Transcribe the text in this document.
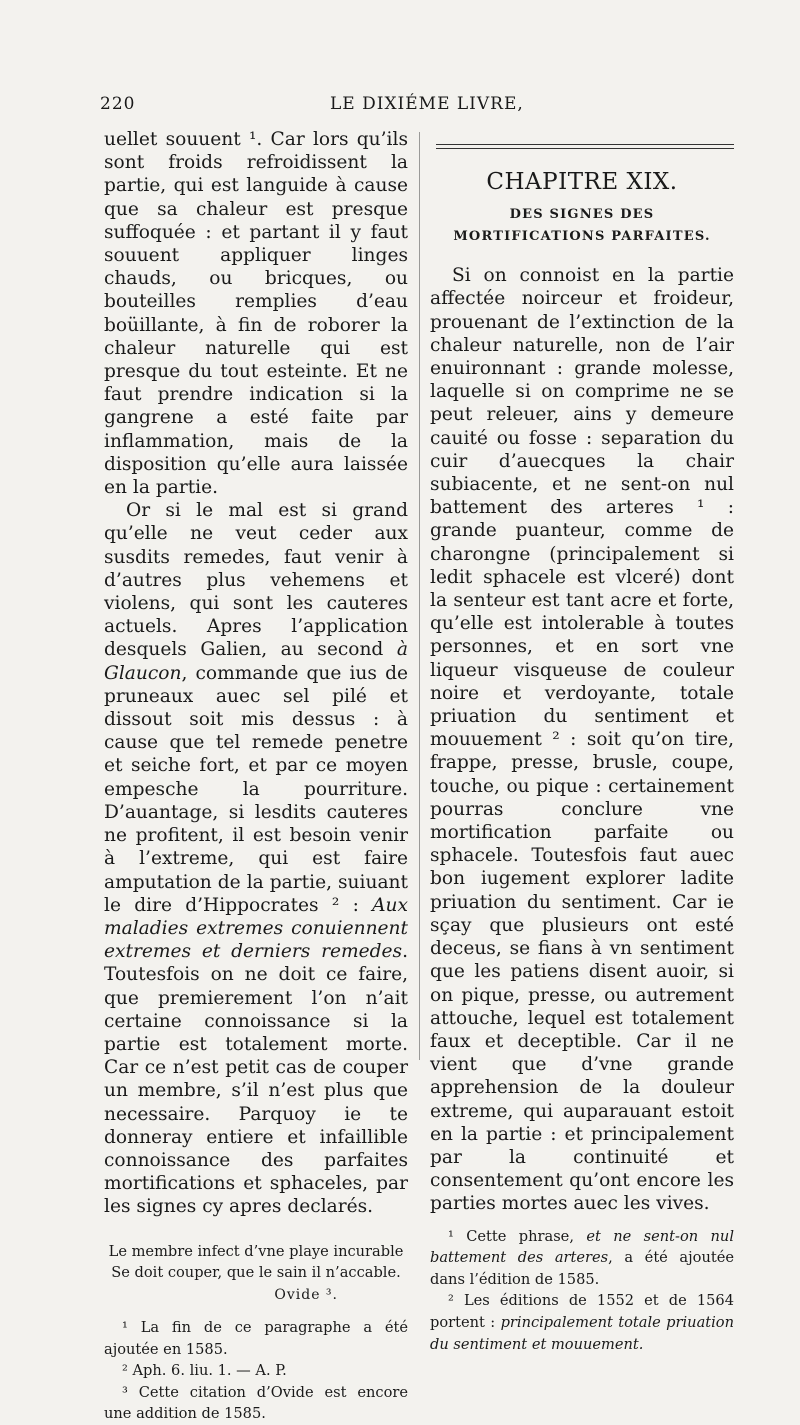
220	LE DIXIÉME LIVRE,

uellet souuent ¹. Car lors qu’ils sont froids refroidissent la partie, qui est languide à cause que sa chaleur est presque suffoquée : et partant il y faut souuent appliquer linges chauds, ou bricques, ou bouteilles remplies d’eau boüillante, à fin de roborer la chaleur naturelle qui est presque du tout esteinte. Et ne faut prendre indication si la gangrene a esté faite par inflammation, mais de la disposition qu’elle aura laissée en la partie.

Or si le mal est si grand qu’elle ne veut ceder aux susdits remedes, faut venir à d’autres plus vehemens et violens, qui sont les cauteres actuels. Apres l’application desquels Galien, au second à Glaucon, commande que ius de pruneaux auec sel pilé et dissout soit mis dessus : à cause que tel remede penetre et seiche fort, et par ce moyen empesche la pourriture. D’auantage, si lesdits cauteres ne profitent, il est besoin venir à l’extreme, qui est faire amputation de la partie, suiuant le dire d’Hippocrates ² : Aux maladies extremes conuiennent extremes et derniers remedes. Toutesfois on ne doit ce faire, que premierement l’on n’ait certaine connoissance si la partie est totalement morte. Car ce n’est petit cas de couper un membre, s’il n’est plus que necessaire. Parquoy ie te donneray entiere et infaillible connoissance des parfaites mortifications et sphaceles, par les signes cy apres declarés.

Le membre infect d’vne playe incurable
Se doit couper, que le sain il n’accable.
Ovide ³.

¹ La fin de ce paragraphe a été ajoutée en 1585.

² Aph. 6. liu. 1. — A. P.

³ Cette citation d’Ovide est encore une addition de 1585.

CHAPITRE XIX.
DES SIGNES DES MORTIFICATIONS PARFAITES.

Si on connoist en la partie affectée noirceur et froideur, prouenant de l’extinction de la chaleur naturelle, non de l’air enuironnant : grande molesse, laquelle si on comprime ne se peut releuer, ains y demeure cauité ou fosse : separation du cuir d’auecques la chair subiacente, et ne sent-on nul battement des arteres ¹ : grande puanteur, comme de charongne (principalement si ledit sphacele est vlceré) dont la senteur est tant acre et forte, qu’elle est intolerable à toutes personnes, et en sort vne liqueur visqueuse de couleur noire et verdoyante, totale priuation du sentiment et mouuement ² : soit qu’on tire, frappe, presse, brusle, coupe, touche, ou pique : certainement pourras conclure vne mortification parfaite ou sphacele. Toutesfois faut auec bon iugement explorer ladite priuation du sentiment. Car ie sçay que plusieurs ont esté deceus, se fians à vn sentiment que les patiens disent auoir, si on pique, presse, ou autrement attouche, lequel est totalement faux et deceptible. Car il ne vient que d’vne grande apprehension de la douleur extreme, qui auparauant estoit en la partie : et principalement par la continuité et consentement qu’ont encore les parties mortes auec les vives.

¹ Cette phrase, et ne sent-on nul battement des arteres, a été ajoutée dans l’édition de 1585.

² Les éditions de 1552 et de 1564 portent : principalement totale priuation du sentiment et mouuement.
